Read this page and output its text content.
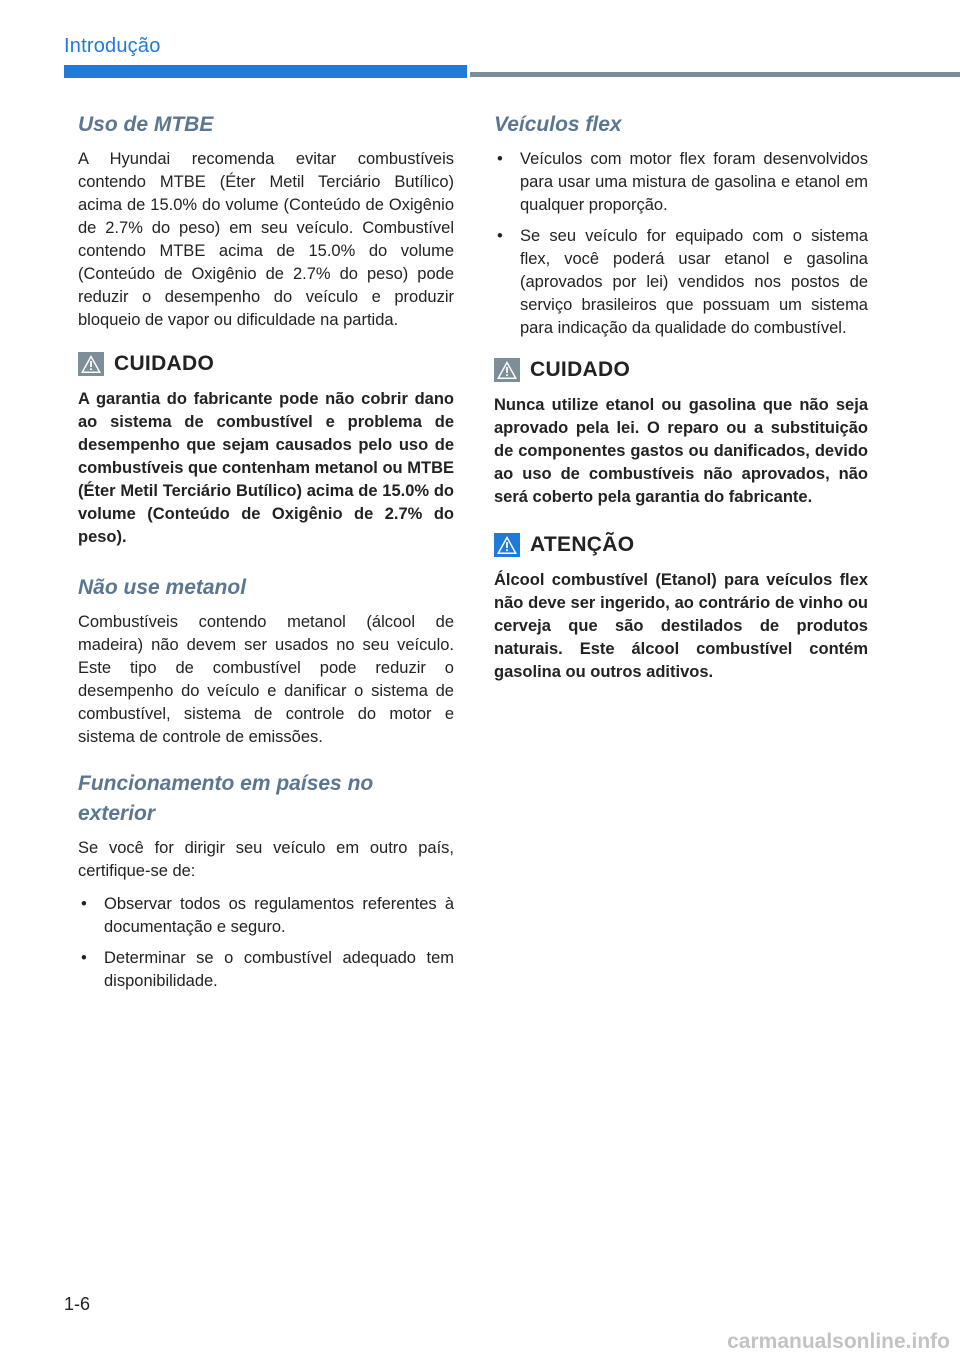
Introdução
Uso de MTBE

A Hyundai recomenda evitar combustíveis contendo MTBE (Éter Metil Terciário Butílico) acima de 15.0% do volume (Conteúdo de Oxigênio de 2.7% do peso) em seu veículo. Combustível contendo MTBE acima de 15.0% do volume (Conteúdo de Oxigênio de 2.7% do peso) pode reduzir o desempenho do veículo e produzir bloqueio de vapor ou dificuldade na partida.

CUIDADO

A garantia do fabricante pode não cobrir dano ao sistema de combustível e problema de desempenho que sejam causados pelo uso de combustíveis que contenham metanol ou MTBE (Éter Metil Terciário Butílico) acima de 15.0% do volume (Conteúdo de Oxigênio de 2.7% do peso).

Não use metanol

Combustíveis contendo metanol (álcool de madeira) não devem ser usados no seu veículo. Este tipo de combustível pode reduzir o desempenho do veículo e danificar o sistema de combustível, sistema de controle do motor e sistema de controle de emissões.

Funcionamento em países no exterior

Se você for dirigir seu veículo em outro país, certifique-se de:

• Observar todos os regulamentos referentes à documentação e seguro.
• Determinar se o combustível adequado tem disponibilidade.
Veículos flex
• Veículos com motor flex foram desenvolvidos para usar uma mistura de gasolina e etanol em qualquer proporção.
• Se seu veículo for equipado com o sistema flex, você poderá usar etanol e gasolina (aprovados por lei) vendidos nos postos de serviço brasileiros que possuam um sistema para indicação da qualidade do combustível.
CUIDADO

Nunca utilize etanol ou gasolina que não seja aprovado pela lei. O reparo ou a substituição de componentes gastos ou danificados, devido ao uso de combustíveis não aprovados, não será coberto pela garantia do fabricante.

ATENÇÃO

Álcool combustível (Etanol) para veículos flex não deve ser ingerido, ao contrário de vinho ou cerveja que são destilados de produtos naturais. Este álcool combustível contém gasolina ou outros aditivos.

1-6
carmanualsonline.info
